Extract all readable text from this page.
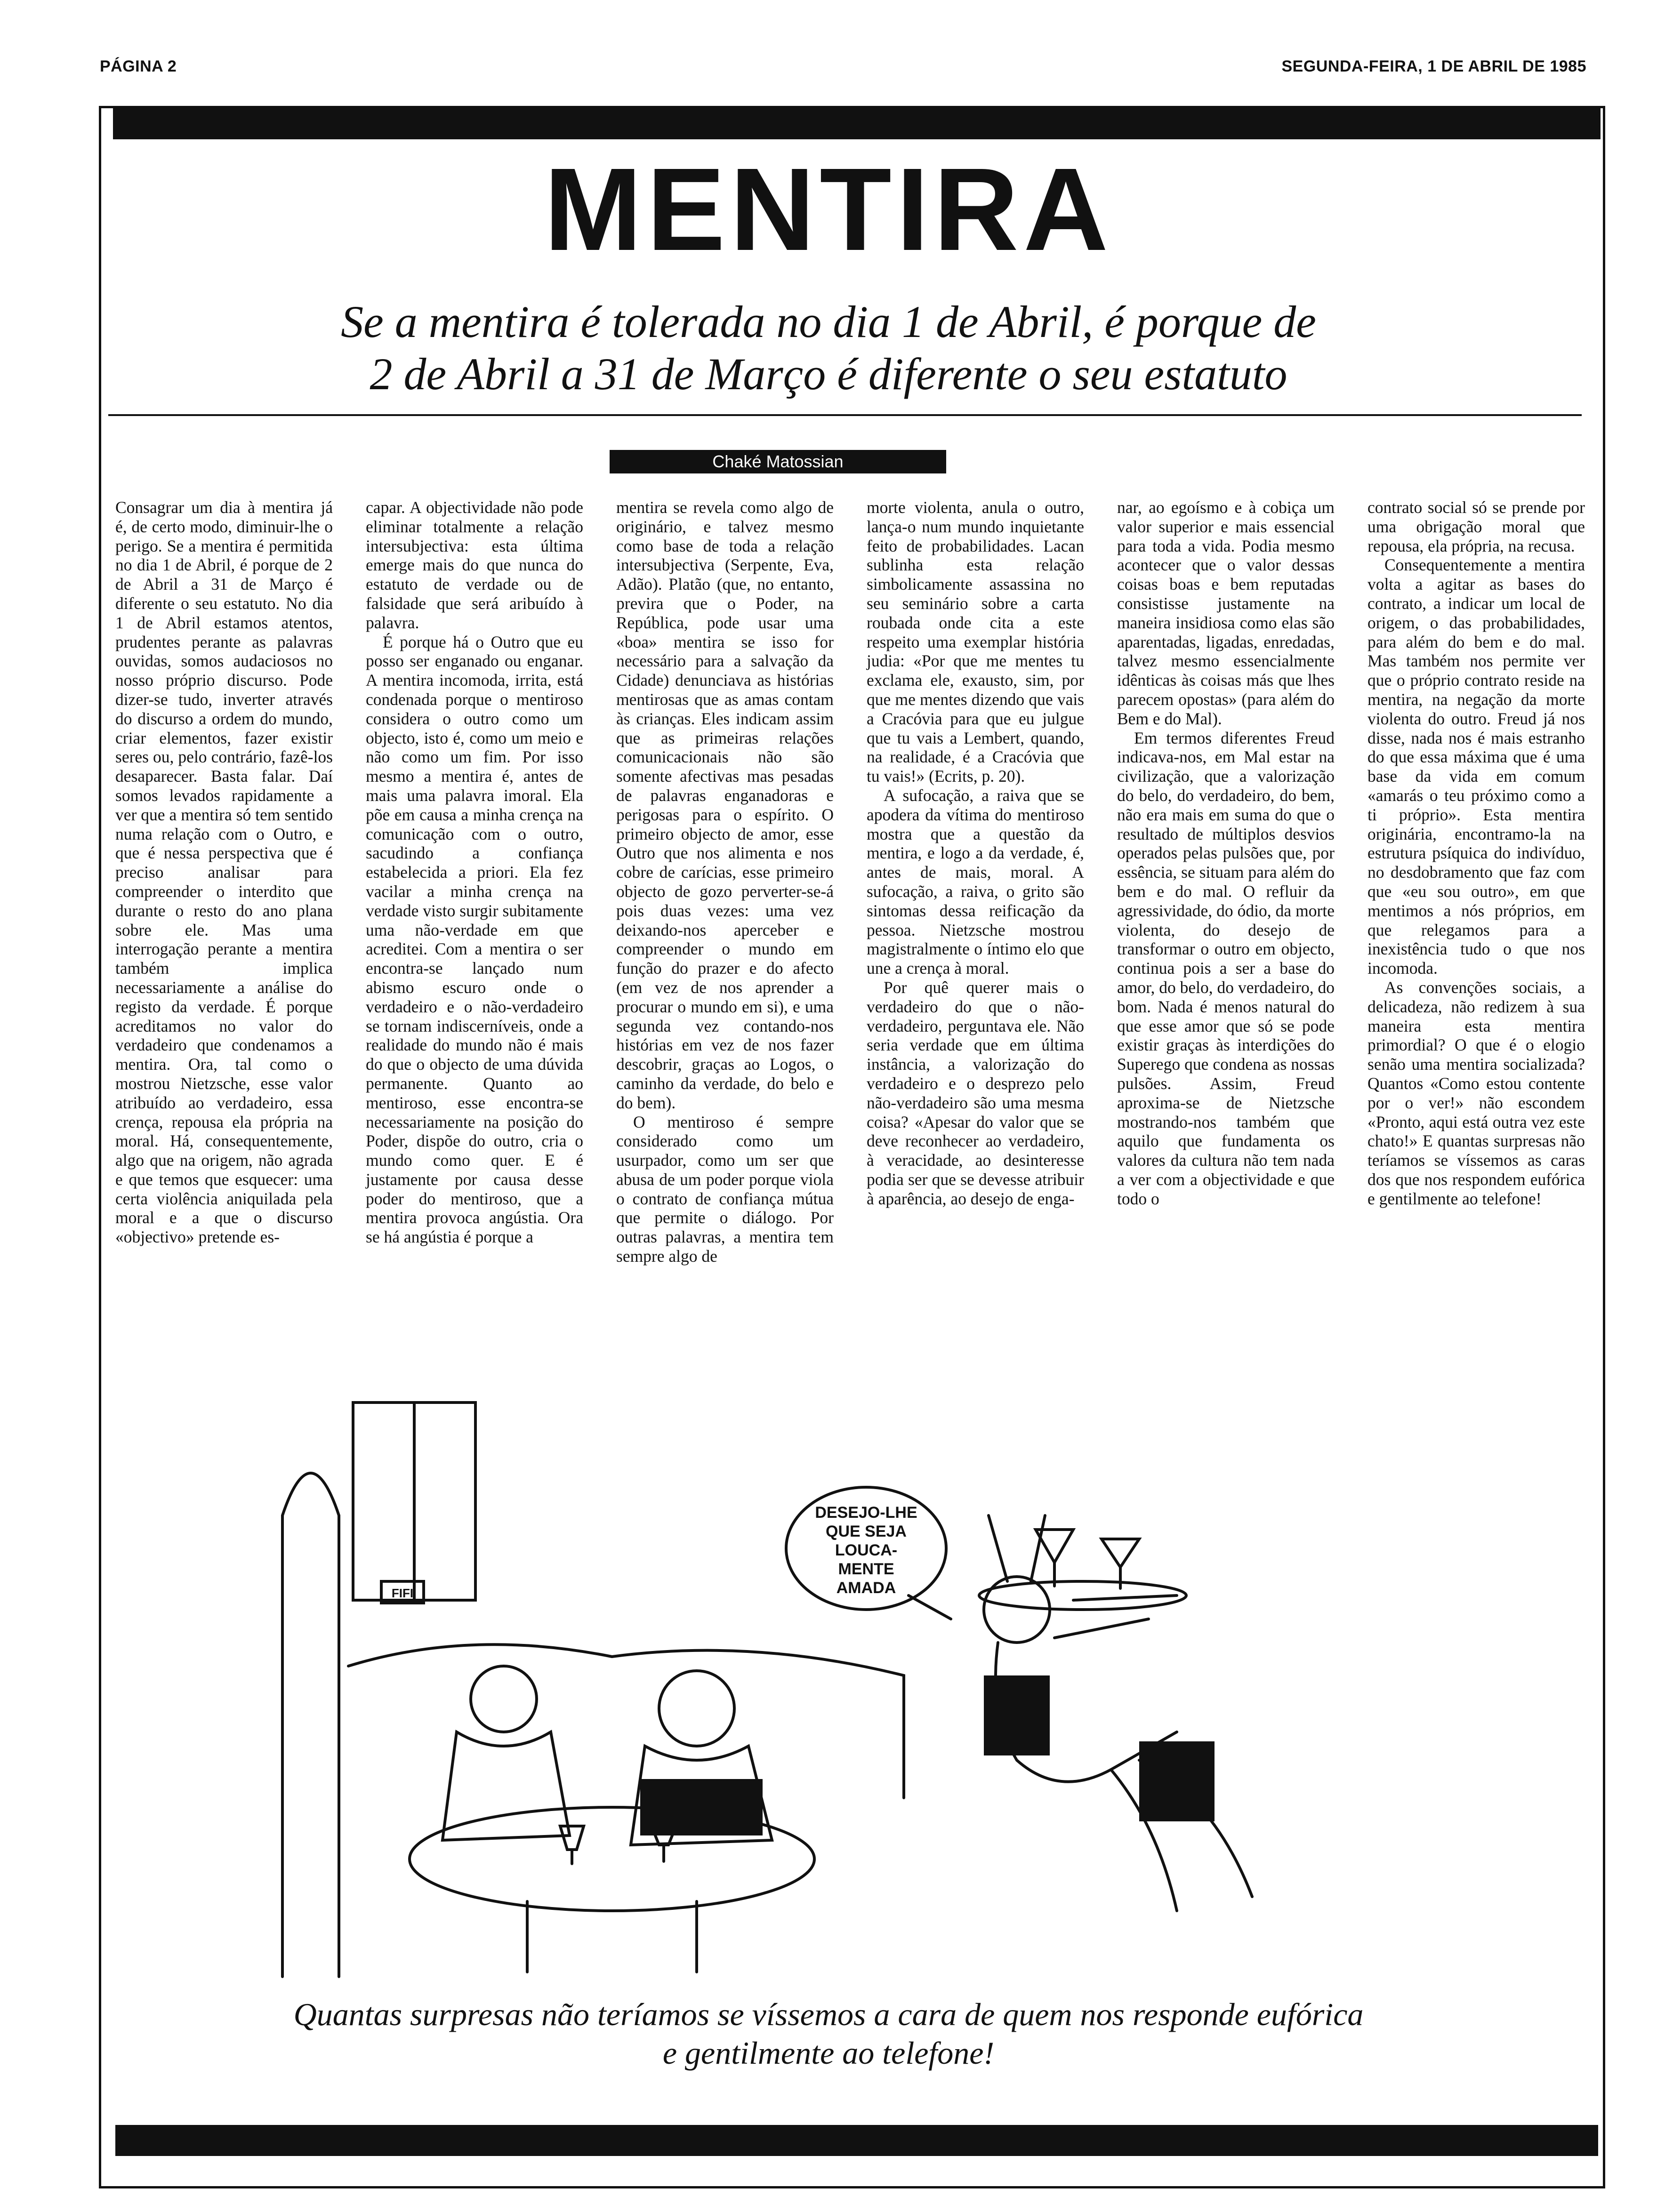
PÁGINA 2	SEGUNDA-FEIRA, 1 DE ABRIL DE 1985
MENTIRA
Se a mentira é tolerada no dia 1 de Abril, é porque de
2 de Abril a 31 de Março é diferente o seu estatuto
Chaké Matossian

Consagrar um dia à mentira já é, de certo modo, diminuir-lhe o perigo. Se a mentira é permitida no dia 1 de Abril, é porque de 2 de Abril a 31 de Março é diferente o seu estatuto. No dia 1 de Abril estamos atentos, prudentes perante as palavras ouvidas, somos audaciosos no nosso próprio discurso. Pode dizer-se tudo, inverter através do discurso a ordem do mundo, criar elementos, fazer existir seres ou, pelo contrário, fazê-los desaparecer. Basta falar. Daí somos levados rapidamente a ver que a mentira só tem sentido numa relação com o Outro, e que é nessa perspectiva que é preciso analisar para compreender o interdito que durante o resto do ano plana sobre ele. Mas uma interrogação perante a mentira também implica necessariamente a análise do registo da verdade. É porque acreditamos no valor do verdadeiro que condenamos a mentira. Ora, tal como o mostrou Nietzsche, esse valor atribuído ao verdadeiro, essa crença, repousa ela própria na moral. Há, consequentemente, algo que na origem, não agrada e que temos que esquecer: uma certa violência aniquilada pela moral e a que o discurso «objectivo» pretende es-

capar. A objectividade não pode eliminar totalmente a relação intersubjectiva: esta última emerge mais do que nunca do estatuto de verdade ou de falsidade que será aribuído à palavra.

É porque há o Outro que eu posso ser enganado ou enganar. A mentira incomoda, irrita, está condenada porque o mentiroso considera o outro como um objecto, isto é, como um meio e não como um fim. Por isso mesmo a mentira é, antes de mais uma palavra imoral. Ela põe em causa a minha crença na comunicação com o outro, sacudindo a confiança estabelecida a priori. Ela fez vacilar a minha crença na verdade visto surgir subitamente uma não-verdade em que acreditei. Com a mentira o ser encontra-se lançado num abismo escuro onde o verdadeiro e o não-verdadeiro se tornam indiscerníveis, onde a realidade do mundo não é mais do que o objecto de uma dúvida permanente. Quanto ao mentiroso, esse encontra-se necessariamente na posição do Poder, dispõe do outro, cria o mundo como quer. E é justamente por causa desse poder do mentiroso, que a mentira provoca angústia. Ora se há angústia é porque a

mentira se revela como algo de originário, e talvez mesmo como base de toda a relação intersubjectiva (Serpente, Eva, Adão). Platão (que, no entanto, previra que o Poder, na República, pode usar uma «boa» mentira se isso for necessário para a salvação da Cidade) denunciava as histórias mentirosas que as amas contam às crianças. Eles indicam assim que as primeiras relações comunicacionais não são somente afectivas mas pesadas de palavras enganadoras e perigosas para o espírito. O primeiro objecto de amor, esse Outro que nos alimenta e nos cobre de carícias, esse primeiro objecto de gozo perverter-se-á pois duas vezes: uma vez deixando-nos aperceber e compreender o mundo em função do prazer e do afecto (em vez de nos aprender a procurar o mundo em si), e uma segunda vez contando-nos histórias em vez de nos fazer descobrir, graças ao Logos, o caminho da verdade, do belo e do bem).

O mentiroso é sempre considerado como um usurpador, como um ser que abusa de um poder porque viola o contrato de confiança mútua que permite o diálogo. Por outras palavras, a mentira tem sempre algo de

morte violenta, anula o outro, lança-o num mundo inquietante feito de probabilidades. Lacan sublinha esta relação simbolicamente assassina no seu seminário sobre a carta roubada onde cita a este respeito uma exemplar história judia: «Por que me mentes tu exclama ele, exausto, sim, por que me mentes dizendo que vais a Cracóvia para que eu julgue que tu vais a Lembert, quando, na realidade, é a Cracóvia que tu vais!» (Ecrits, p. 20).

A sufocação, a raiva que se apodera da vítima do mentiroso mostra que a questão da mentira, e logo a da verdade, é, antes de mais, moral. A sufocação, a raiva, o grito são sintomas dessa reificação da pessoa. Nietzsche mostrou magistralmente o íntimo elo que une a crença à moral.

Por quê querer mais o verdadeiro do que o não-verdadeiro, perguntava ele. Não seria verdade que em última instância, a valorização do verdadeiro e o desprezo pelo não-verdadeiro são uma mesma coisa? «Apesar do valor que se deve reconhecer ao verdadeiro, à veracidade, ao desinteresse podia ser que se devesse atribuir à aparência, ao desejo de enga-

nar, ao egoísmo e à cobiça um valor superior e mais essencial para toda a vida. Podia mesmo acontecer que o valor dessas coisas boas e bem reputadas consistisse justamente na maneira insidiosa como elas são aparentadas, ligadas, enredadas, talvez mesmo essencialmente idênticas às coisas más que lhes parecem opostas» (para além do Bem e do Mal).

Em termos diferentes Freud indicava-nos, em Mal estar na civilização, que a valorização do belo, do verdadeiro, do bem, não era mais em suma do que o resultado de múltiplos desvios operados pelas pulsões que, por essência, se situam para além do bem e do mal. O refluir da agressividade, do ódio, da morte violenta, do desejo de transformar o outro em objecto, continua pois a ser a base do amor, do belo, do verdadeiro, do bom. Nada é menos natural do que esse amor que só se pode existir graças às interdições do Superego que condena as nossas pulsões. Assim, Freud aproxima-se de Nietzsche mostrando-nos também que aquilo que fundamenta os valores da cultura não tem nada a ver com a objectividade e que todo o

contrato social só se prende por uma obrigação moral que repousa, ela própria, na recusa.

Consequentemente a mentira volta a agitar as bases do contrato, a indicar um local de origem, o das probabilidades, para além do bem e do mal. Mas também nos permite ver que o próprio contrato reside na mentira, na negação da morte violenta do outro. Freud já nos disse, nada nos é mais estranho do que essa máxima que é uma base da vida em comum «amarás o teu próximo como a ti próprio». Esta mentira originária, encontramo-la na estrutura psíquica do indivíduo, no desdobramento que faz com que «eu sou outro», em que mentimos a nós próprios, em que relegamos para a inexistência tudo o que nos incomoda.

As convenções sociais, a delicadeza, não redizem à sua maneira esta mentira primordial? O que é o elogio senão uma mentira socializada? Quantos «Como estou contente por o ver!» não escondem «Pronto, aqui está outra vez este chato!» E quantas surpresas não teríamos se víssemos as caras dos que nos respondem eufórica e gentilmente ao telefone!

DESEJO-LHE
QUE SEJA
LOUCA-
MENTE
AMADA
FIFI
Quantas surpresas não teríamos se víssemos a cara de quem nos responde eufórica
e gentilmente ao telefone!
